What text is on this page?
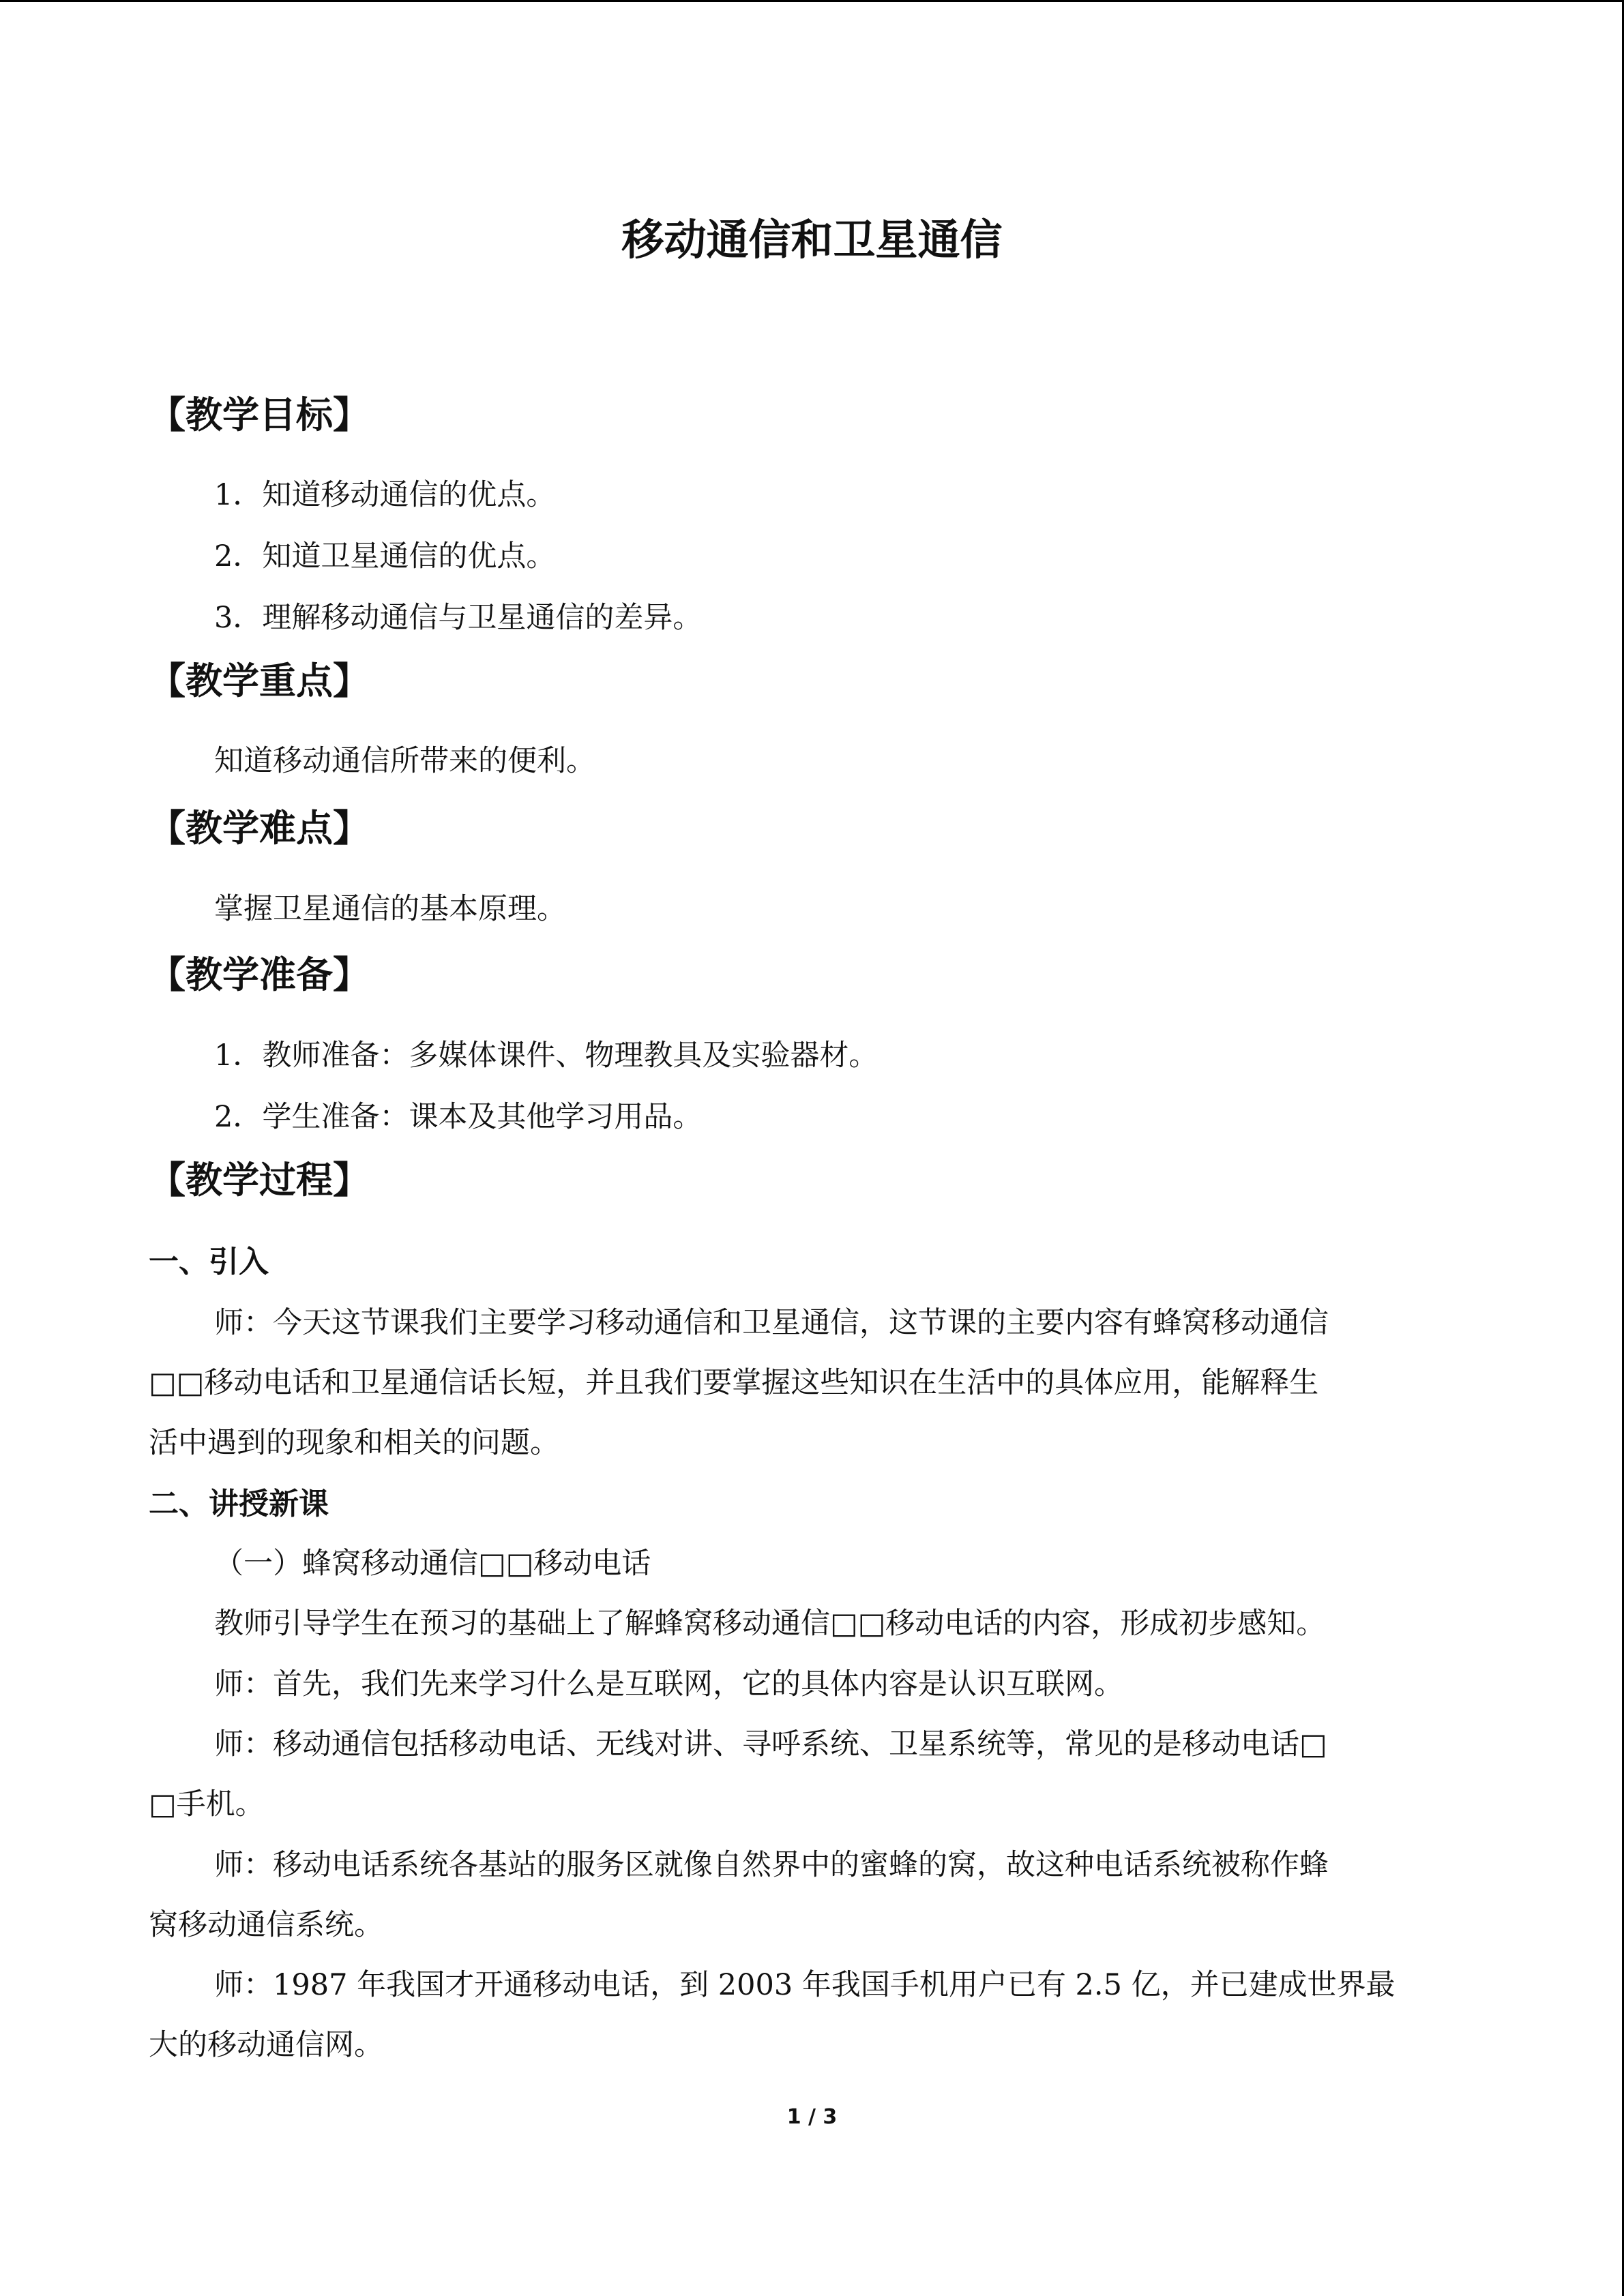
移动通信和卫星通信
【教学目标】

1．知道移动通信的优点。

2．知道卫星通信的优点。

3．理解移动通信与卫星通信的差异。

【教学重点】

知道移动通信所带来的便利。

【教学难点】

掌握卫星通信的基本原理。

【教学准备】

1．教师准备：多媒体课件、物理教具及实验器材。

2．学生准备：课本及其他学习用品。

【教学过程】
一、引入

师：今天这节课我们主要学习移动通信和卫星通信，这节课的主要内容有蜂窝移动通信

□□移动电话和卫星通信话长短，并且我们要掌握这些知识在生活中的具体应用，能解释生

活中遇到的现象和相关的问题。

二、讲授新课

（一）蜂窝移动通信□□移动电话

教师引导学生在预习的基础上了解蜂窝移动通信□□移动电话的内容，形成初步感知。

师：首先，我们先来学习什么是互联网，它的具体内容是认识互联网。

师：移动通信包括移动电话、无线对讲、寻呼系统、卫星系统等，常见的是移动电话□

□手机。

师：移动电话系统各基站的服务区就像自然界中的蜜蜂的窝，故这种电话系统被称作蜂

窝移动通信系统。

师：1987 年我国才开通移动电话，到 2003 年我国手机用户已有 2.5 亿，并已建成世界最

大的移动通信网。

1 / 3
